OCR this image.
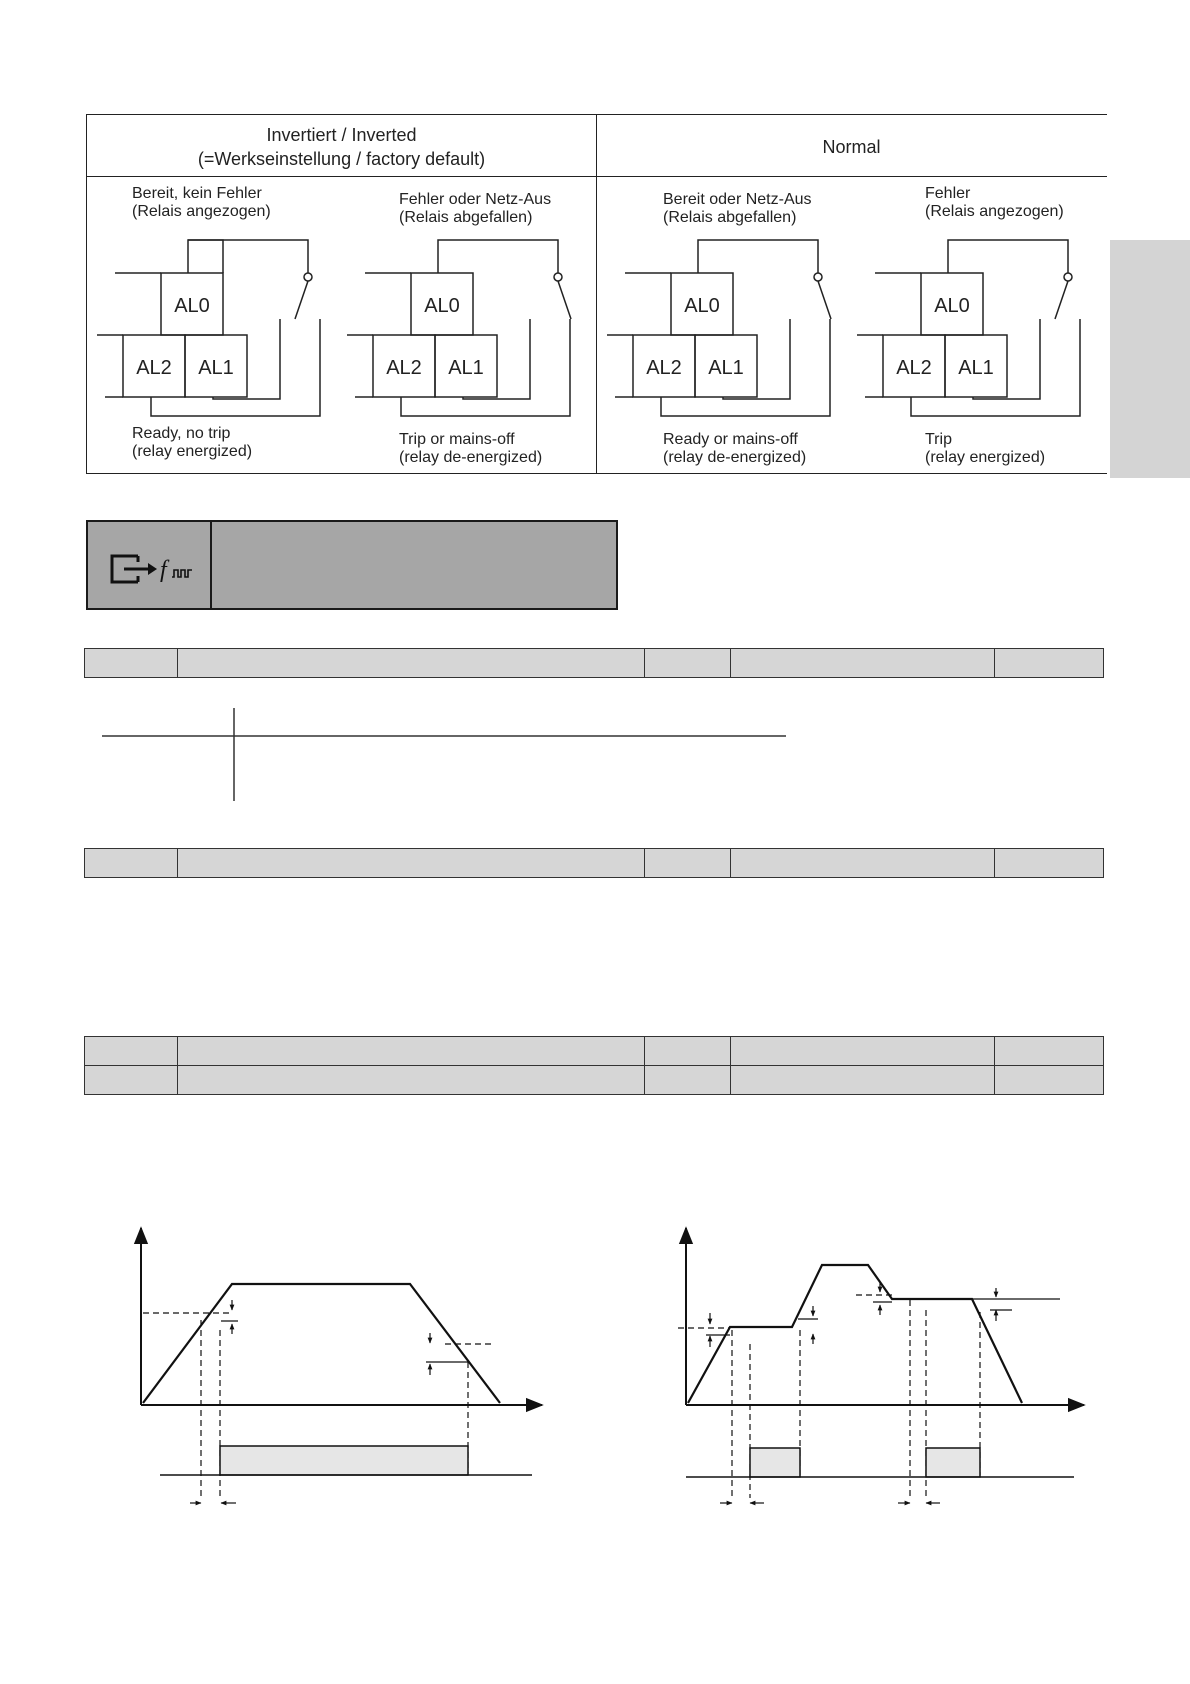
Invertiert / Inverted
(=Werkseinstellung / factory default)
Normal
AL0
AL2 AL1
AL0
AL2 AL1
AL0
AL2 AL1
AL0
AL2 AL1
Bereit, kein Fehler
(Relais angezogen)
Ready, no trip
(relay energized)
Fehler oder Netz-Aus
(Relais abgefallen)
Trip or mains-off
(relay de-energized)
Bereit oder Netz-Aus
(Relais abgefallen)
Ready or mains-off
(relay de-energized)
Fehler
(Relais angezogen)
Trip
(relay energized)
f
